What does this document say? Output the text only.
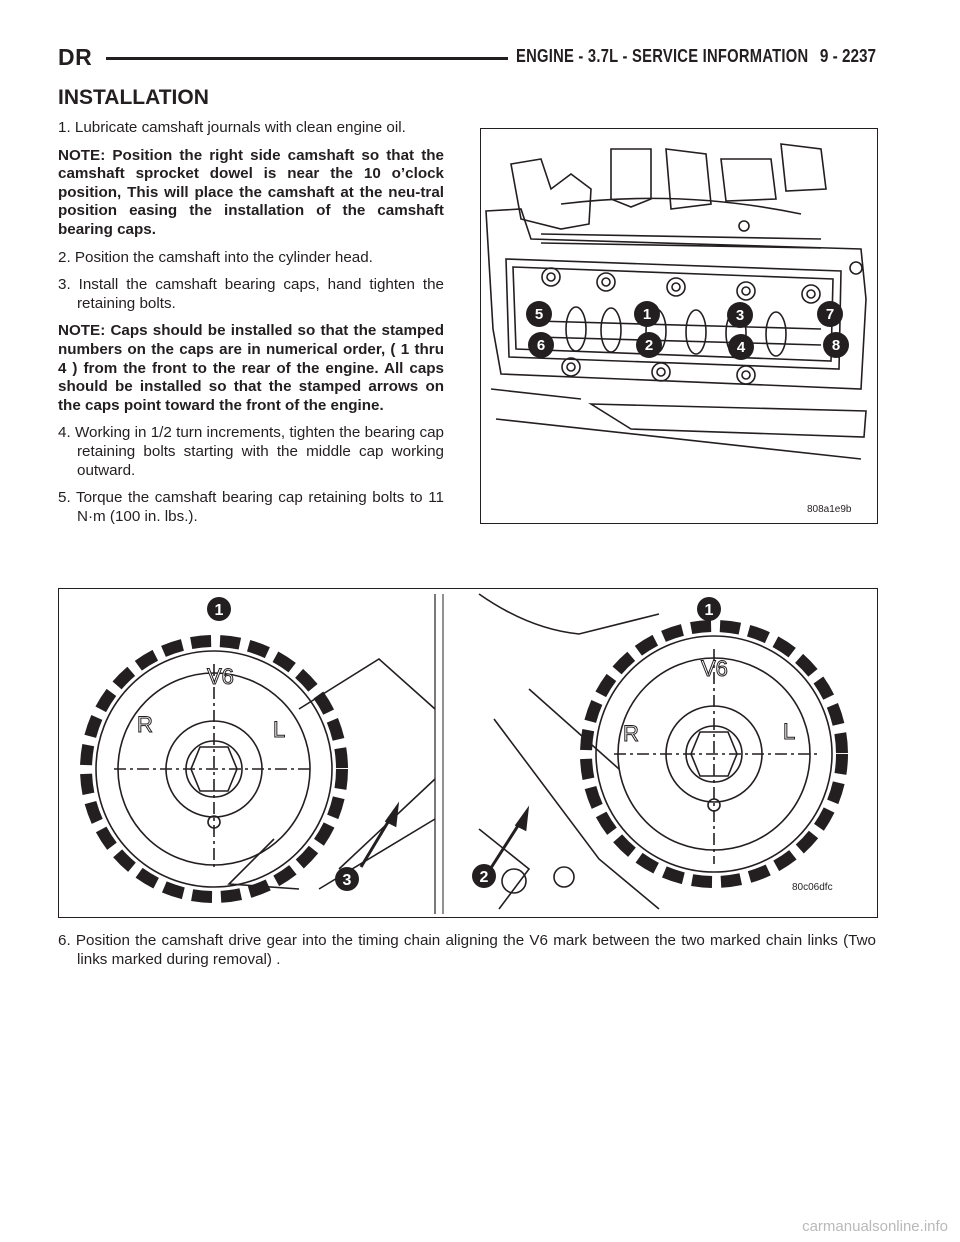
DR	ENGINE - 3.7L - SERVICE INFORMATION 9 - 2237
INSTALLATION

1. Lubricate camshaft journals with clean engine oil.

NOTE: Position the right side camshaft so that the camshaft sprocket dowel is near the 10 o’clock position, This will place the camshaft at the neu-tral position easing the installation of the camshaft bearing caps.

2. Position the camshaft into the cylinder head.

3. Install the camshaft bearing caps, hand tighten the retaining bolts.

NOTE: Caps should be installed so that the stamped numbers on the caps are in numerical order, ( 1 thru 4 ) from the front to the rear of the engine. All caps should be installed so that the stamped arrows on the caps point toward the front of the engine.

4. Working in 1/2 turn increments, tighten the bearing cap retaining bolts starting with the middle cap working outward.

5. Torque the camshaft bearing cap retaining bolts to 11 N·m (100 in. lbs.).

5	1	3	7
6	2	4	8
808a1e9b
V6
R	L
V6
R	L
1	1
3	2
80c06dfc

6. Position the camshaft drive gear into the timing chain aligning the V6 mark between the two marked chain links (Two links marked during removal) .

carmanualsonline.info
